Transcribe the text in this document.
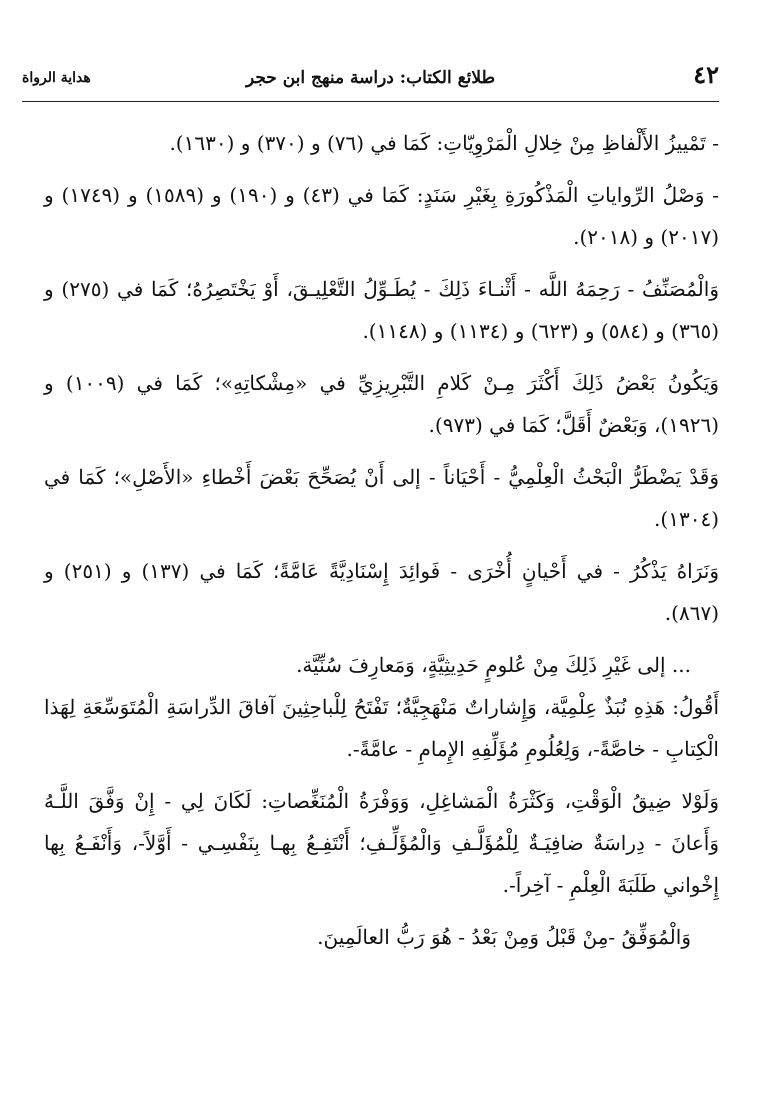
٤٢
طلائع الكتاب: دراسة منهج ابن حجر
هداية الرواة

- تَمْييزُ الأَلْفاظِ مِنْ خِلالِ الْمَرْوِيّاتِ: كَمَا في (٧٦) و (٣٧٠) و (١٦٣٠).

- وَصْلُ الرِّواياتِ الْمَذْكُورَةِ بِغَيْرِ سَنَدٍ: كَمَا في (٤٣) و (١٩٠) و (١٥٨٩) و (١٧٤٩) و (٢٠١٧) و (٢٠١٨).

وَالْمُصَنِّفُ - رَحِمَهُ اللَّه - أَثْنـاءَ ذَلِكَ - يُطَـوِّلُ التَّعْلِيـقَ، أَوْ يَخْتَصِرُهُ؛ كَمَا في (٢٧٥) و (٣٦٥) و (٥٨٤) و (٦٢٣) و (١١٣٤) و (١١٤٨).

وَيَكُونُ بَعْضُ ذَلِكَ أَكْثَرَ مِـنْ كَلامِ التَّبْرِيزِيِّ في «مِشْكاتِهِ»؛ كَمَا في (١٠٠٩) و (١٩٢٦)، وَبَعْضٌ أَقَلَّ؛ كَمَا في (٩٧٣).

وَقَدْ يَضْطَرُّ الْبَحْثُ الْعِلْمِيُّ - أَحْيَاناً - إلى أَنْ يُصَحِّحَ بَعْضَ أَخْطاءِ «الأَصْلِ»؛ كَمَا في (١٣٠٤).

وَنَرَاهُ يَذْكُرُ - في أَحْيانٍ أُخْرَى - فَوائِدَ إِسْنَادِيَّةً عَامَّةً؛ كَمَا في (١٣٧) و (٢٥١) و (٨٦٧).

... إلى غَيْرِ ذَلِكَ مِنْ عُلومٍ حَدِيثِيَّةٍ، وَمَعارِفَ سُنِّيَّة.

أَقُولُ: هَذِهِ نُبَذٌ عِلْمِيَّة، وَإِشاراتٌ مَنْهَجِيَّةٌ؛ تَفْتَحُ لِلْباحِثِينَ آفاقَ الدِّراسَةِ الْمُتَوَسِّعَةِ لِهَذا الْكِتابِ - خاصَّةً-، وَلِعُلُومِ مُؤَلِّفِهِ الإِمامِ - عامَّةً-.

وَلَوْلا ضِيقُ الْوَقْتِ، وَكَثْرَةُ الْمَشاغِلِ، وَوَفْرَةُ الْمُنَغِّصاتِ: لَكَانَ لِي - إِنْ وَفَّقَ اللَّـهُ وَأَعانَ - دِراسَةٌ ضافِيَـةٌ لِلْمُؤَلَّـفِ وَالْمُؤَلِّـفِ؛ أَنْتَفِـعُ بِهـا بِنَفْسِـي - أَوَّلاً-، وَأَنْفَـعُ بِها إِخْواني طَلَبَةَ الْعِلْمِ - آخِراً-.

وَالْمُوَفِّقُ -مِنْ قَبْلُ وَمِنْ بَعْدُ - هُوَ رَبُّ العالَمِينَ.
